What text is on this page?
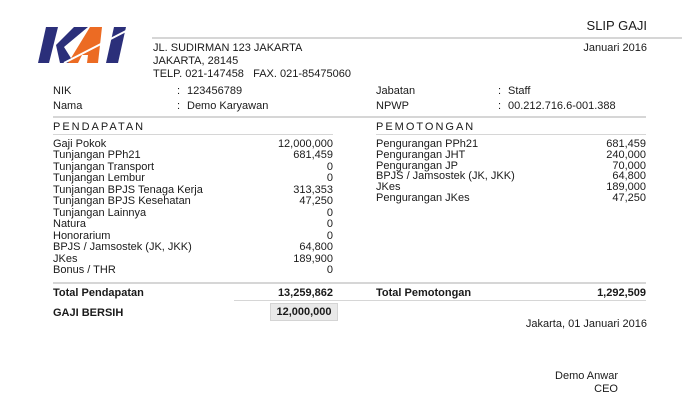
SLIP GAJI
Januari 2016
JL. SUDIRMAN 123 JAKARTA
JAKARTA, 28145
TELP. 021-147458   FAX. 021-85475060
NIK	: 123456789
Nama	: Demo Karyawan
Jabatan	: Staff
NPWP	: 00.212.716.6-001.388
PENDAPATAN	PEMOTONGAN
Gaji Pokok	12,000,000
Tunjangan PPh21	681,459
Tunjangan Transport	0
Tunjangan Lembur	0
Tunjangan BPJS Tenaga Kerja	313,353
Tunjangan BPJS Kesehatan	47,250
Tunjangan Lainnya	0
Natura	0
Honorarium	0
BPJS / Jamsostek (JK, JKK)	64,800
JKes	189,900
Bonus / THR	0
Pengurangan PPh21	681,459
Pengurangan JHT	240,000
Pengurangan JP	70,000
BPJS / Jamsostek (JK, JKK)	64,800
JKes	189,000
Pengurangan JKes	47,250
Total Pendapatan	13,259,862	Total Pemotongan	1,292,509
GAJI BERSIH	12,000,000
Jakarta, 01 Januari 2016
Demo Anwar
CEO
